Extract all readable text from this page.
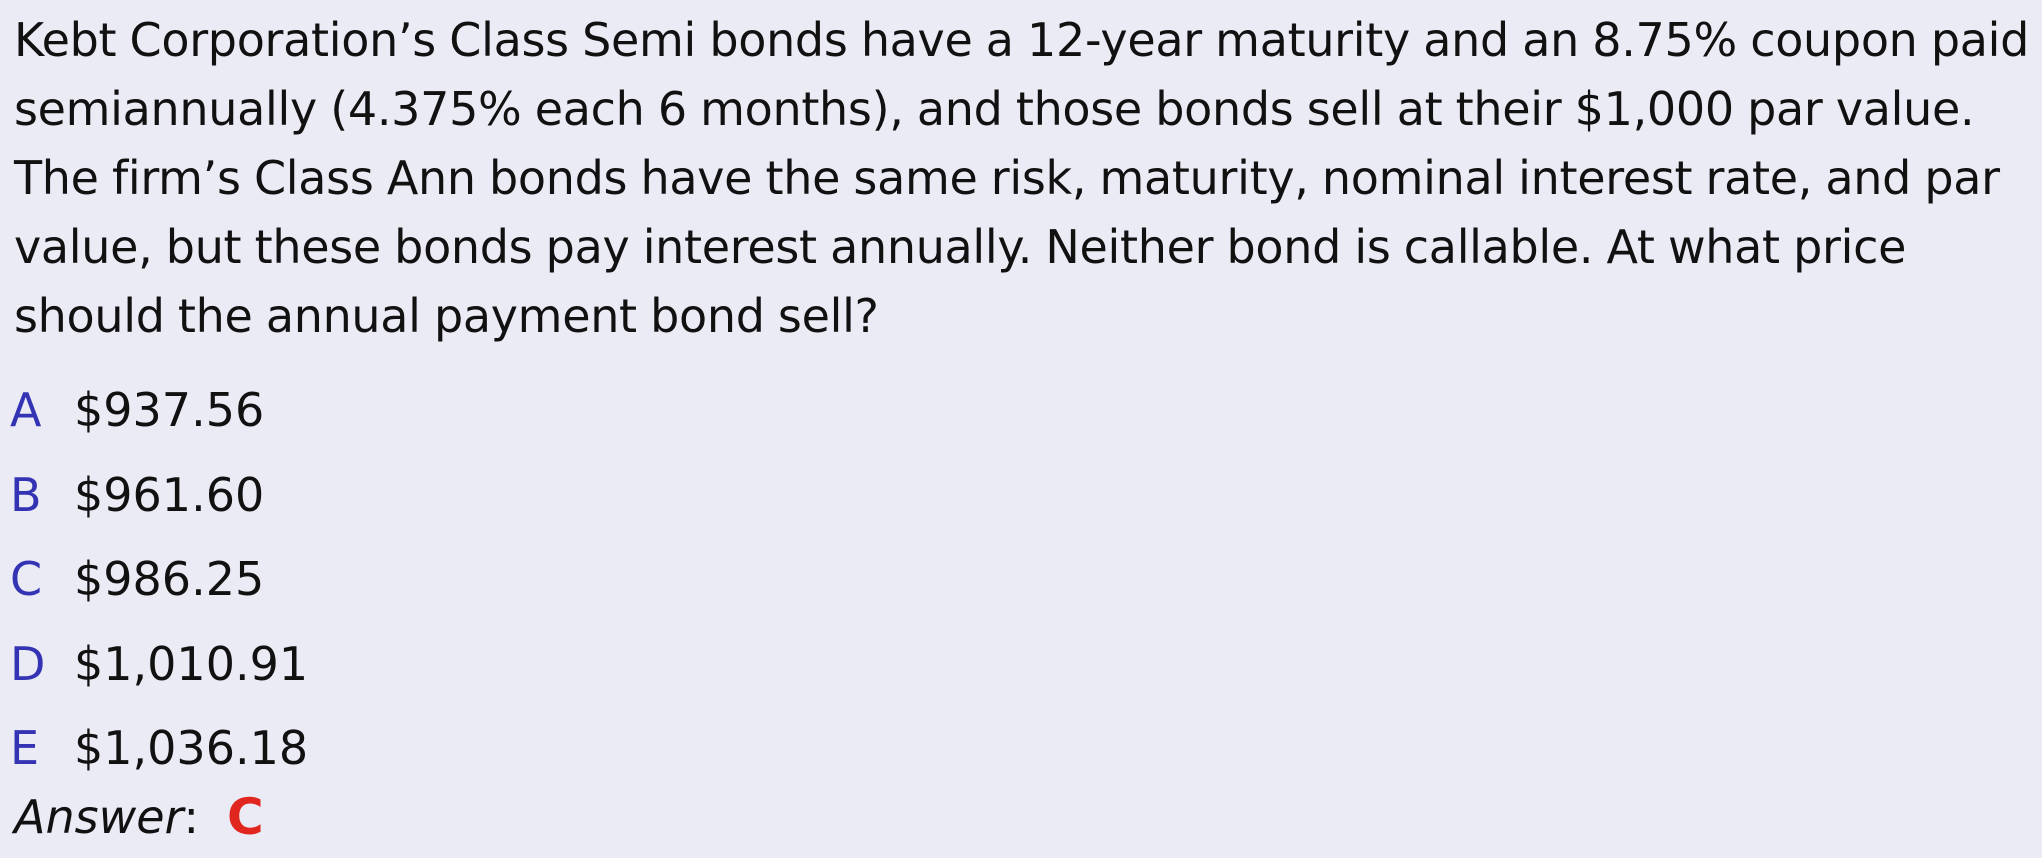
Kebt Corporation’s Class Semi bonds have a 12-year maturity and an 8.75% coupon paid semiannually (4.375% each 6 months), and those bonds sell at their $1,000 par value. The firm’s Class Ann bonds have the same risk, maturity, nominal interest rate, and par value, but these bonds pay interest annually. Neither bond is callable. At what price should the annual payment bond sell?

A $937.56
B $961.60
C $986.25
D $1,010.91
E $1,036.18
Answer : C
